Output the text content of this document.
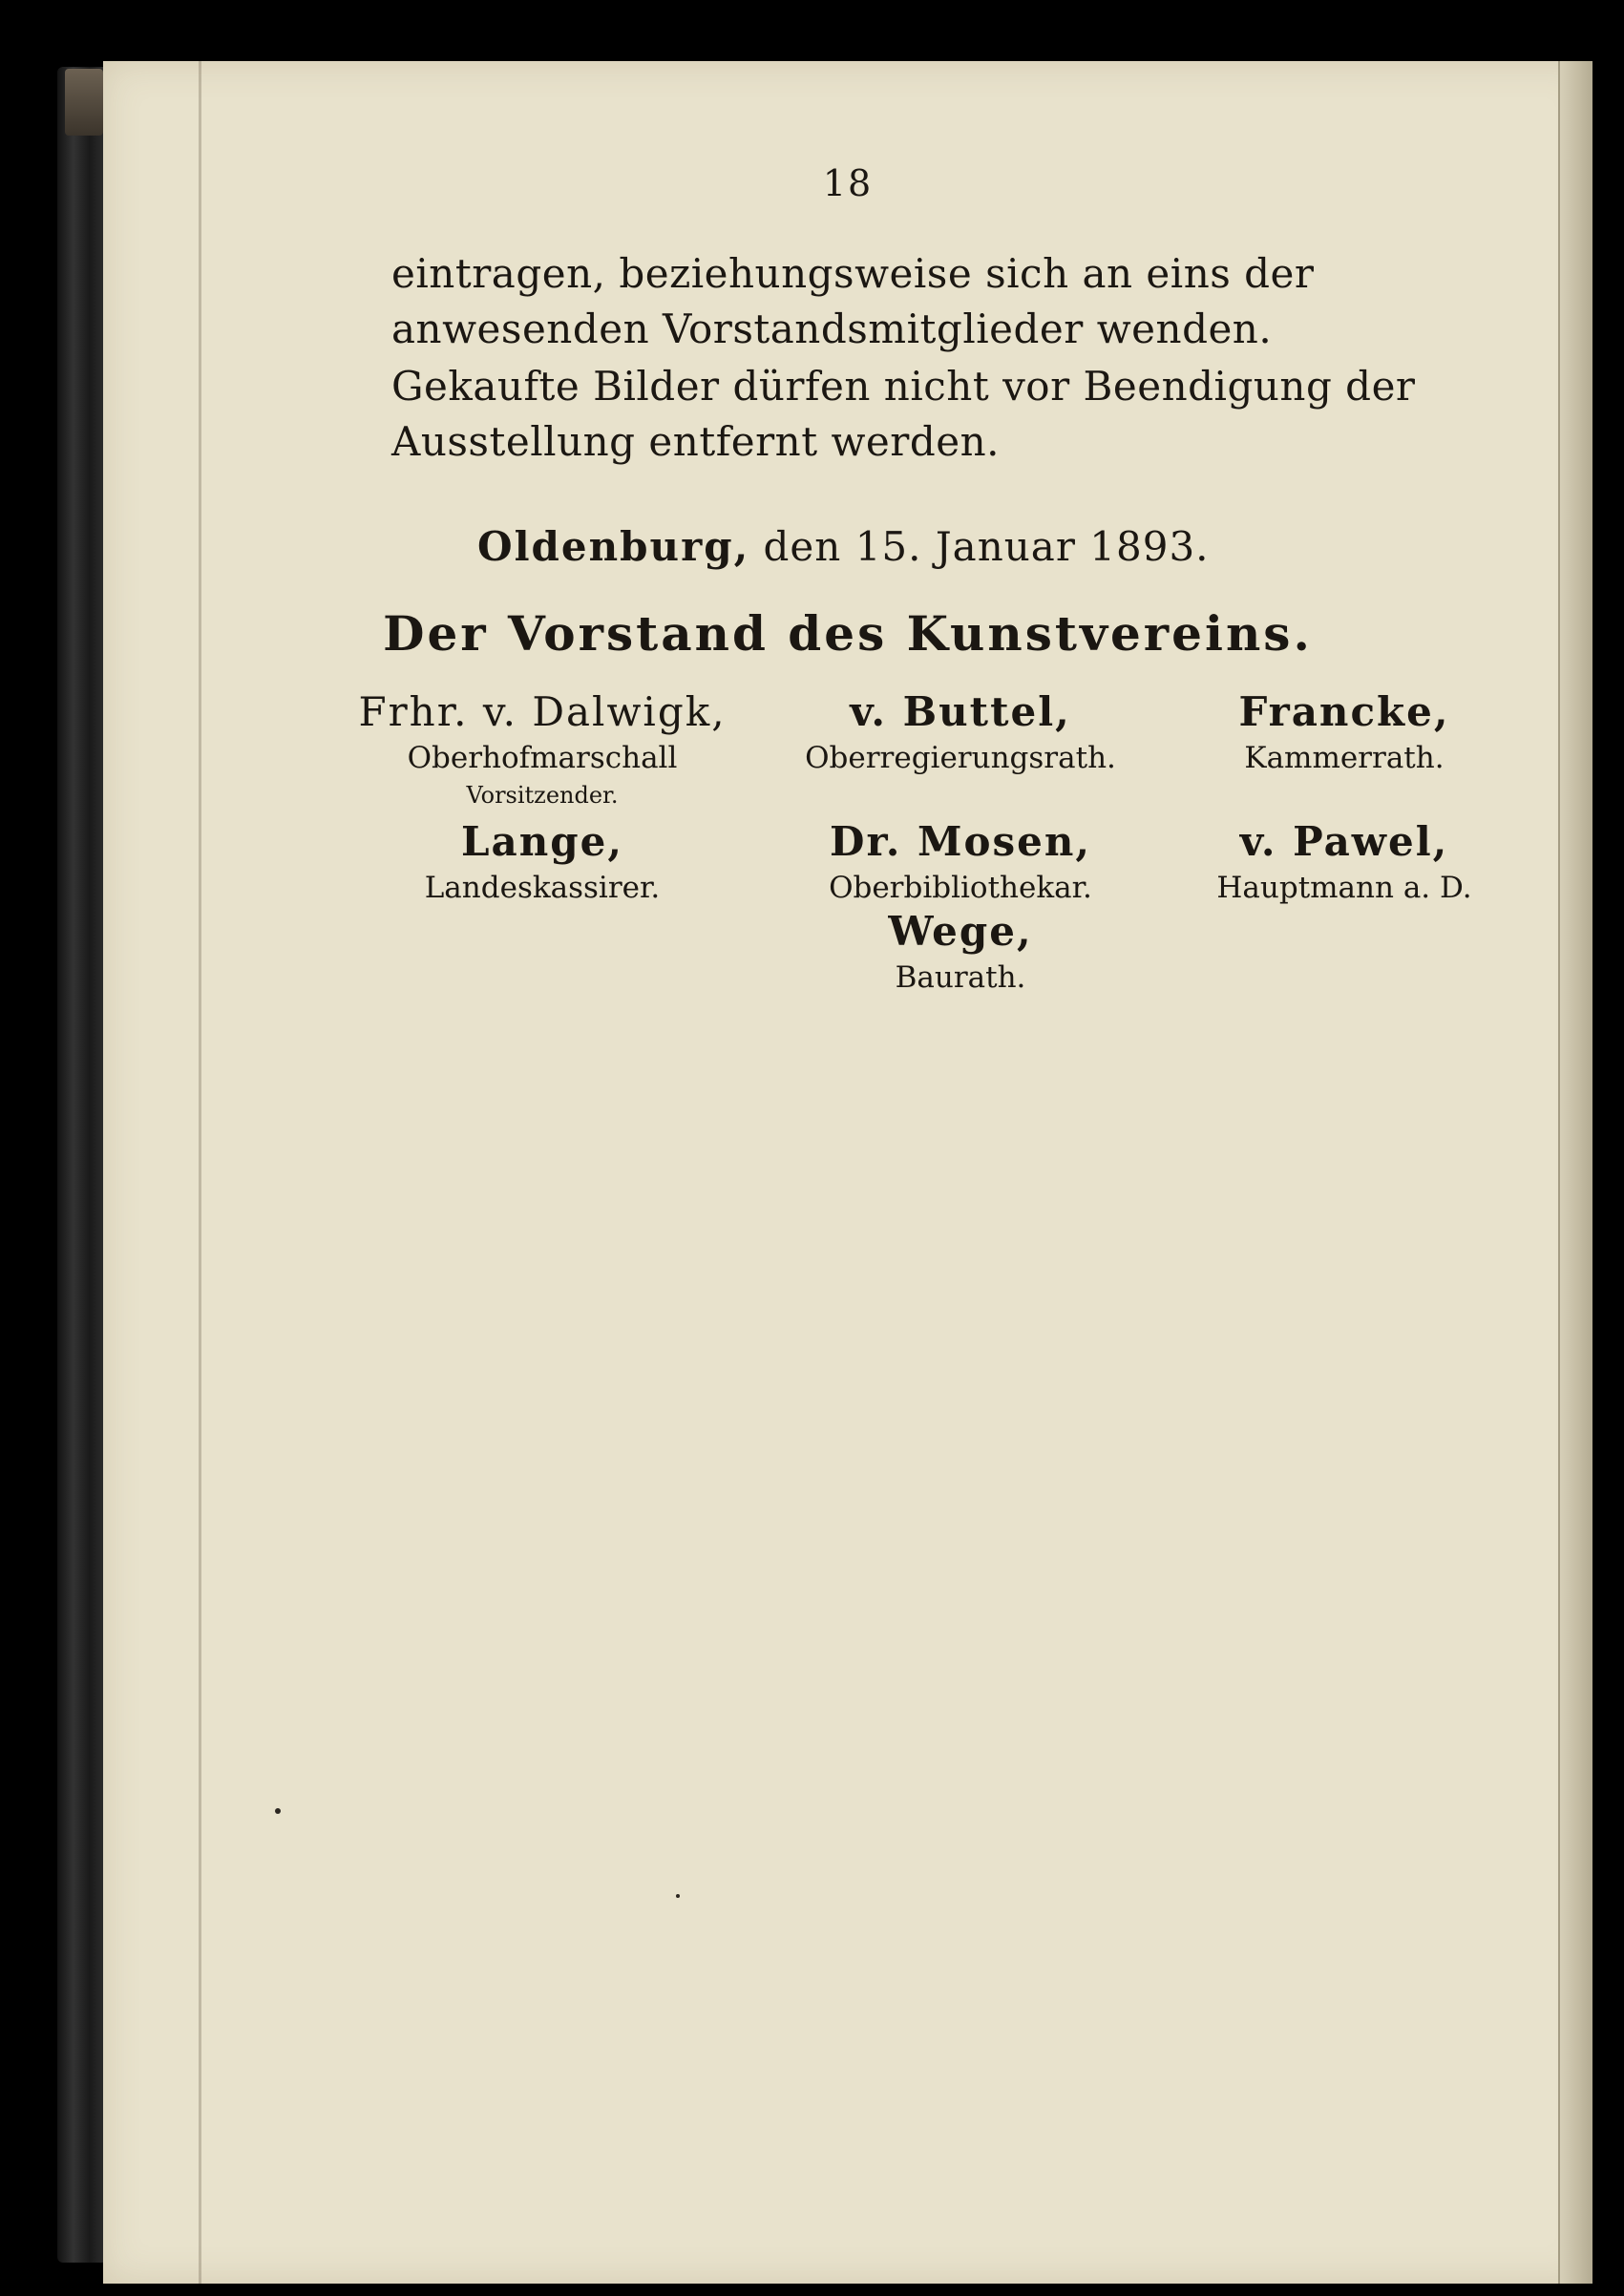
18
eintragen, beziehungsweise sich an eins der anwesenden Vorstandsmitglieder wenden.
Gekaufte Bilder dürfen nicht vor Beendigung der Ausstellung entfernt werden.
Oldenburg, den 15. Januar 1893.
Der Vorstand des Kunstvereins.
Frhr. v. Dalwigk,
Oberhofmarschall
Vorsitzender.
v. Buttel,
Oberregierungsrath.
Francke,
Kammerrath.
Lange,
Landeskassirer.
Dr. Mosen,
Oberbibliothekar.
v. Pawel,
Hauptmann a. D.
Wege,
Baurath.
